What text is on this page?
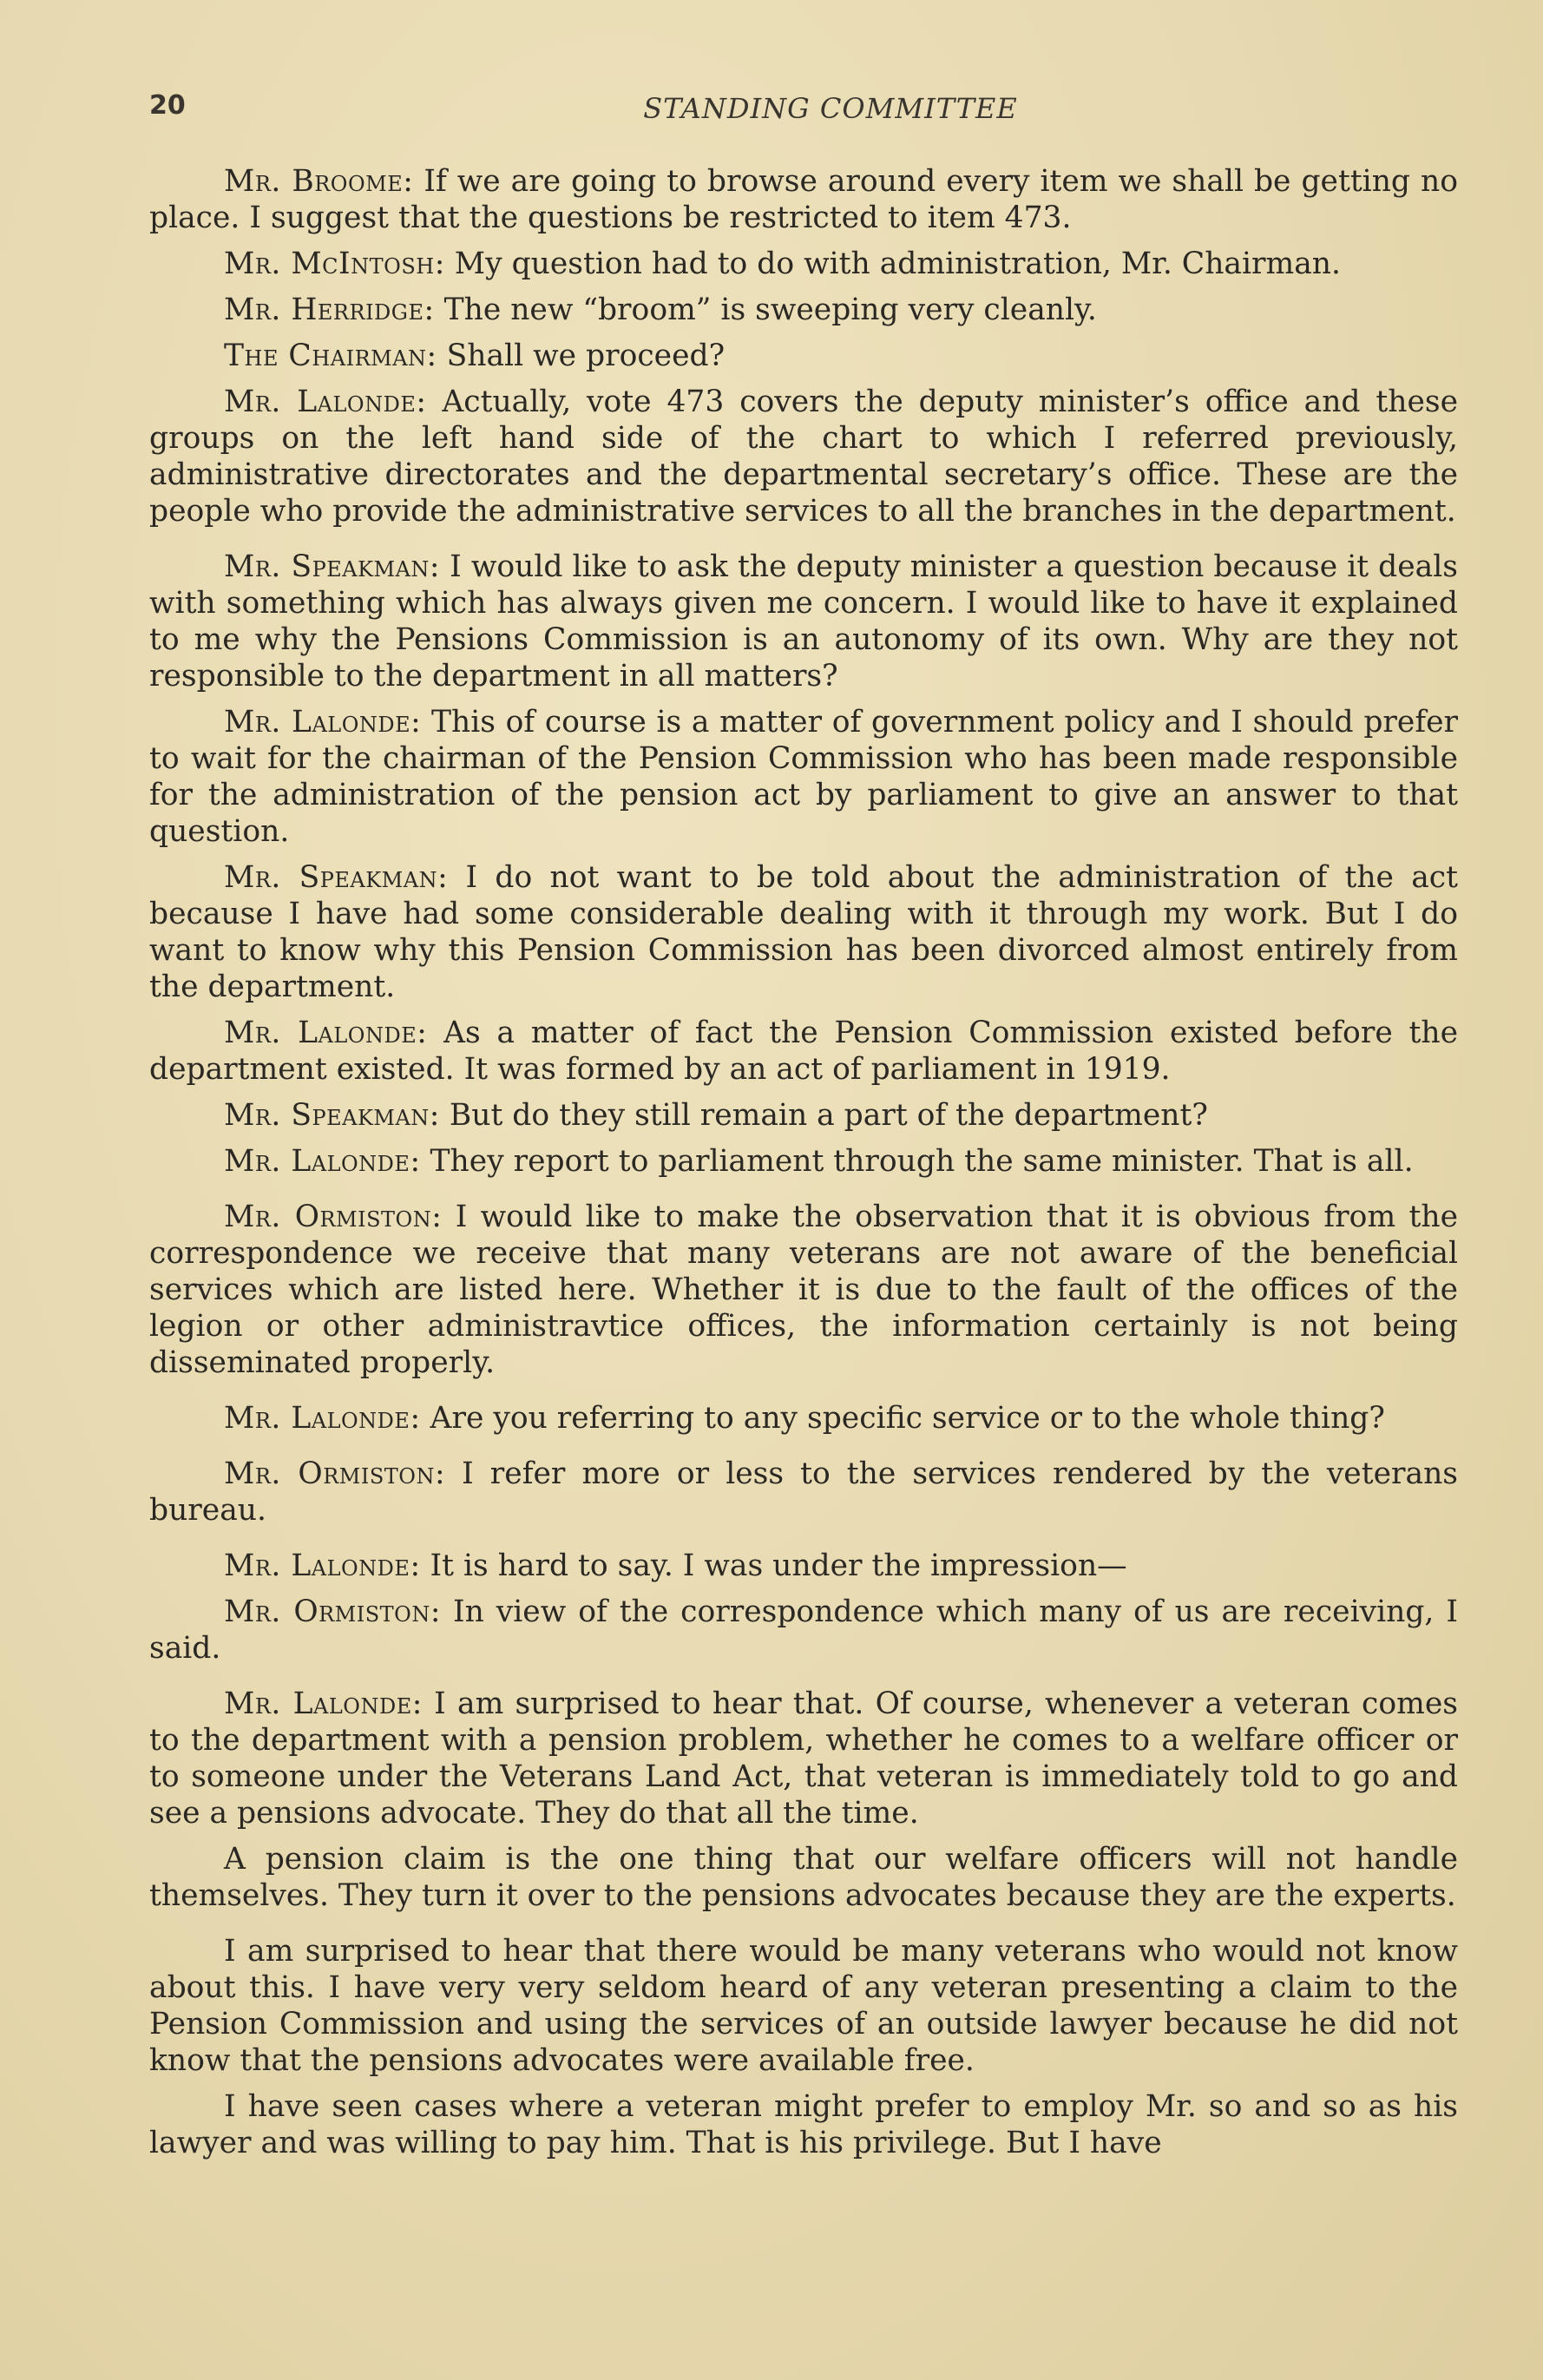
20	STANDING COMMITTEE

Mr. Broome: If we are going to browse around every item we shall be getting no place. I suggest that the questions be restricted to item 473.

Mr. McIntosh: My question had to do with administration, Mr. Chairman.

Mr. Herridge: The new “broom” is sweeping very cleanly.

The Chairman: Shall we proceed?

Mr. Lalonde: Actually, vote 473 covers the deputy minister’s office and these groups on the left hand side of the chart to which I referred previously, administrative directorates and the departmental secretary’s office. These are the people who provide the administrative services to all the branches in the department.

Mr. Speakman: I would like to ask the deputy minister a question because it deals with something which has always given me concern. I would like to have it explained to me why the Pensions Commission is an autonomy of its own. Why are they not responsible to the department in all matters?

Mr. Lalonde: This of course is a matter of government policy and I should prefer to wait for the chairman of the Pension Commission who has been made responsible for the administration of the pension act by parliament to give an answer to that question.

Mr. Speakman: I do not want to be told about the administration of the act because I have had some considerable dealing with it through my work. But I do want to know why this Pension Commission has been divorced almost entirely from the department.

Mr. Lalonde: As a matter of fact the Pension Commission existed before the department existed. It was formed by an act of parliament in 1919.

Mr. Speakman: But do they still remain a part of the department?

Mr. Lalonde: They report to parliament through the same minister. That is all.

Mr. Ormiston: I would like to make the observation that it is obvious from the correspondence we receive that many veterans are not aware of the beneficial services which are listed here. Whether it is due to the fault of the offices of the legion or other administravtice offices, the information certainly is not being disseminated properly.

Mr. Lalonde: Are you referring to any specific service or to the whole thing?

Mr. Ormiston: I refer more or less to the services rendered by the veterans bureau.

Mr. Lalonde: It is hard to say. I was under the impression—

Mr. Ormiston: In view of the correspondence which many of us are receiving, I said.

Mr. Lalonde: I am surprised to hear that. Of course, whenever a veteran comes to the department with a pension problem, whether he comes to a welfare officer or to someone under the Veterans Land Act, that veteran is immediately told to go and see a pensions advocate. They do that all the time.

A pension claim is the one thing that our welfare officers will not handle themselves. They turn it over to the pensions advocates because they are the experts.

I am surprised to hear that there would be many veterans who would not know about this. I have very very seldom heard of any veteran presenting a claim to the Pension Commission and using the services of an outside lawyer because he did not know that the pensions advocates were available free.

I have seen cases where a veteran might prefer to employ Mr. so and so as his lawyer and was willing to pay him. That is his privilege. But I have
